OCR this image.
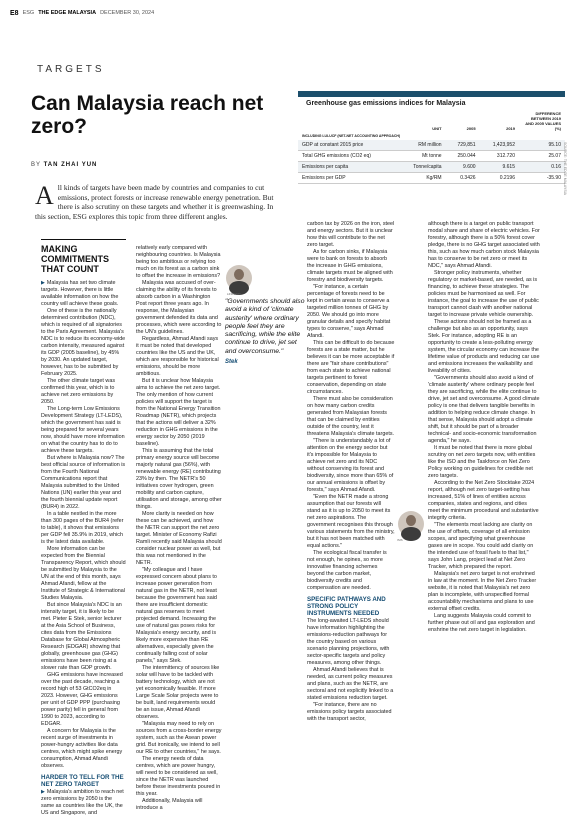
E8 ESG THE EDGE MALAYSIA DECEMBER 30, 2024
TARGETS
Can Malaysia reach net zero?
BY TAN ZHAI YUN
Greenhouse gas emissions indices for Malaysia
	UNIT	2005	2019	DIFFERENCE BETWEEN 2019 AND 2005 VALUES (%)
INCLUDING LULUCF (NET-NET ACCOUNTING APPROACH)				
GDP at constant 2015 price	RM million	729,851	1,423,952	95.10
Total GHG emissions (CO2 eq)	Mt tonne	250.044	312.720	25.07
Emissions per capita	Tonne/capita	9.600	9.615	0.16
Emissions per GDP	Kg/RM	0.3426	0.2196	-35.90 SOURCE: THE EDGE MALAYSIA
A ll kinds of targets have been made by countries and companies to cut emissions, protect forests or increase renewable energy penetration. But there is also scrutiny on these targets and whether it is greenwashing. In this section, ESG explores this topic from three different angles.
MAKING COMMITMENTS THAT COUNT

▶ Malaysia has set two climate targets. However, there is little available information on how the country will achieve these goals.

One of these is the nationally determined contribution (NDC), which is required of all signatories to the Paris Agreement. Malaysia's NDC is to reduce its economy-wide carbon intensity, measured against its GDP (2005 baseline), by 45% by 2030. An updated target, however, has to be submitted by February 2025.

The other climate target was confirmed this year, which is to achieve net zero emissions by 2050.

The Long-term Low Emissions Development Strategy (LT-LEDS), which the government has said is being prepared for several years now, should have more information on what the country has to do to achieve these targets.

But where is Malaysia now? The best official source of information is from the Fourth National Communications report that Malaysia submitted to the United Nations (UN) earlier this year and the fourth biennial update report (BUR4) in 2022.

In a table nestled in the more than 300 pages of the BUR4 (refer to table), it shows that emissions per GDP fell 35.9% in 2019, which is the latest data available.

More information can be expected from the Biennial Transparency Report, which should be submitted by Malaysia to the UN at the end of this month, says Ahmad Afandi, fellow at the Institute of Strategic & International Studies Malaysia.

But since Malaysia's NDC is an intensity target, it is likely to be met. Pieter E Stek, senior lecturer at the Asia School of Business, cites data from the Emissions Database for Global Atmospheric Research (EDGAR) showing that globally, greenhouse gas (GHG) emissions have been rising at a slower rate than GDP growth.

GHG emissions have increased over the past decade, reaching a record high of 53 GtCO2eq in 2023. However, GHG emissions per unit of GDP PPP (purchasing power parity) fell in general from 1990 to 2023, according to EDGAR.

A concern for Malaysia is the recent surge of investments in power-hungry activities like data centres, which might spike energy consumption, Ahmad Afandi observes.

HARDER TO TELL FOR THE NET ZERO TARGET

▶ Malaysia's ambition to reach net zero emissions by 2050 is the same as countries like the UK, the US and Singapore, and

relatively early compared with neighbouring countries. Is Malaysia being too ambitious or relying too much on its forest as a carbon sink to offset the increase in emissions?

Malaysia was accused of over-claiming the ability of its forests to absorb carbon in a Washington Post report three years ago. In response, the Malaysian government defended its data and processes, which were according to the UN's guidelines.

Regardless, Ahmad Afandi says it must be noted that developed countries like the US and the UK, which are responsible for historical emissions, should be more ambitious.

But it is unclear how Malaysia aims to achieve the net zero target. The only mention of how current policies will support the target is from the National Energy Transition Roadmap (NETR), which projects that the actions will deliver a 32% reduction in GHG emissions in the energy sector by 2050 (2019 baseline).

This is assuming that the total primary energy source will become majorly natural gas (56%), with renewable energy (RE) contributing 23% by then. The NETR's 50 initiatives cover hydrogen, green mobility and carbon capture, utilisation and storage, among other things.

More clarity is needed on how these can be achieved, and how the NETR can support the net zero target. Minister of Economy Rafizi Ramli recently said Malaysia should consider nuclear power as well, but this was not mentioned in the NETR.

"My colleague and I have expressed concern about plans to increase power generation from natural gas in the NETR, not least because the government has said there are insufficient domestic natural gas reserves to meet projected demand. Increasing the use of natural gas poses risks for Malaysia's energy security, and is likely more expensive than RE alternatives, especially given the continually falling cost of solar panels," says Stek.

The intermittency of sources like solar will have to be tackled with battery technology, which are not yet economically feasible. If more Large Scale Solar projects were to be built, land requirements would be an issue, Ahmad Afandi observes.

"Malaysia may need to rely on sources from a cross-border energy system, such as the Asean power grid. But ironically, we intend to sell our RE to other countries," he says.

The energy needs of data centres, which are power hungry, will need to be considered as well, since the NETR was launched before these investments poured in this year.

Additionally, Malaysia will introduce a

LINKEDIN
"Governments should also avoid a kind of 'climate austerity' where ordinary people feel they are sacrificing, while the elite continue to drive, jet set and overconsume."
Stek

carbon tax by 2026 on the iron, steel and energy sectors. But it is unclear how this will contribute to the net zero target.

As for carbon sinks, if Malaysia were to bank on forests to absorb the increase in GHG emissions, climate targets must be aligned with forestry and biodiversity targets.

"For instance, a certain percentage of forests need to be kept in certain areas to conserve a targeted million tonnes of GHG by 2050. We should go into more granular details and specify habitat types to conserve," says Ahmad Afandi.

This can be difficult to do because forests are a state matter, but he believes it can be more acceptable if there are "fair share contributions" from each state to achieve national targets pertinent to forest conservation, depending on state circumstances.

There must also be consideration on how many carbon credits generated from Malaysian forests that can be claimed by entities outside of the country, lest it threatens Malaysia's climate targets.

"There is understandably a lot of attention on the energy sector but it's impossible for Malaysia to achieve net zero and its NDC without conserving its forest and biodiversity, since more than 65% of our annual emissions is offset by forests," says Ahmad Afandi.

"Even the NETR made a strong assumption that our forests will stand as it is up to 2050 to meet its net zero aspirations. The government recognises this through various statements from the ministry, but it has not been matched with equal actions."

The ecological fiscal transfer is not enough, he opines, so more innovative financing schemes beyond the carbon market, biodiversity credits and compensation are needed.

SPECIFIC PATHWAYS AND STRONG POLICY INSTRUMENTS NEEDED

The long-awaited LT-LEDS should have information highlighting the emissions-reduction pathways for the country based on various scenario planning projections, with sector-specific targets and policy measures, among other things.

Ahmad Afandi believes that is needed, as current policy measures and plans, such as the NETR, are sectoral and not explicitly linked to a stated emissions reduction target.

"For instance, there are no emissions policy targets associated with the transport sector,

although there is a target on public transport modal share and share of electric vehicles. For forestry, although there is a 50% forest cover pledge, there is no GHG target associated with this, such as how much carbon stock Malaysia has to conserve to be net zero or meet its NDC," says Ahmad Afandi.

Stronger policy instruments, whether regulatory or market-based, are needed, as is financing, to achieve these strategies. The policies must be harmonised as well. For instance, the goal to increase the use of public transport cannot clash with another national target to increase private vehicle ownership.

These actions should not be framed as a challenge but also as an opportunity, says Stek. For instance, adopting RE is an opportunity to create a less-polluting energy system, the circular economy can increase the lifetime value of products and reducing car use and emissions increases the walkability and liveability of cities.

"Governments should also avoid a kind of 'climate austerity' where ordinary people feel they are sacrificing, while the elite continue to drive, jet set and overconsume. A good climate policy is one that delivers tangible benefits in addition to helping reduce climate change. In that sense, Malaysia should adopt a climate shift, but it should be part of a broader technical- and socio-economic transformation agenda," he says.

It must be noted that there is more global scrutiny on net zero targets now, with entities like the ISO and the Taskforce on Net Zero Policy working on guidelines for credible net zero targets.

According to the Net Zero Stocktake 2024 report, although net zero target-setting has increased, 51% of lines of entities across companies, states and regions, and cities meet the minimum procedural and substantive integrity criteria.

"The elements most lacking are clarity on the use of offsets, coverage of all emission scopes, and specifying what greenhouse gases are in scope. You could add clarity on the intended use of fossil fuels to that list," says John Lang, project lead at Net Zero Tracker, which prepared the report.

Malaysia's net zero target is not enshrined in law at the moment. In the Net Zero Tracker website, it is noted that Malaysia's net zero plan is incomplete, with unspecified formal accountability mechanisms and plans to use external offset credits.

Lang suggests Malaysia could commit to further phase out oil and gas exploration and enshrine the net zero target in legislation.

ISIS
